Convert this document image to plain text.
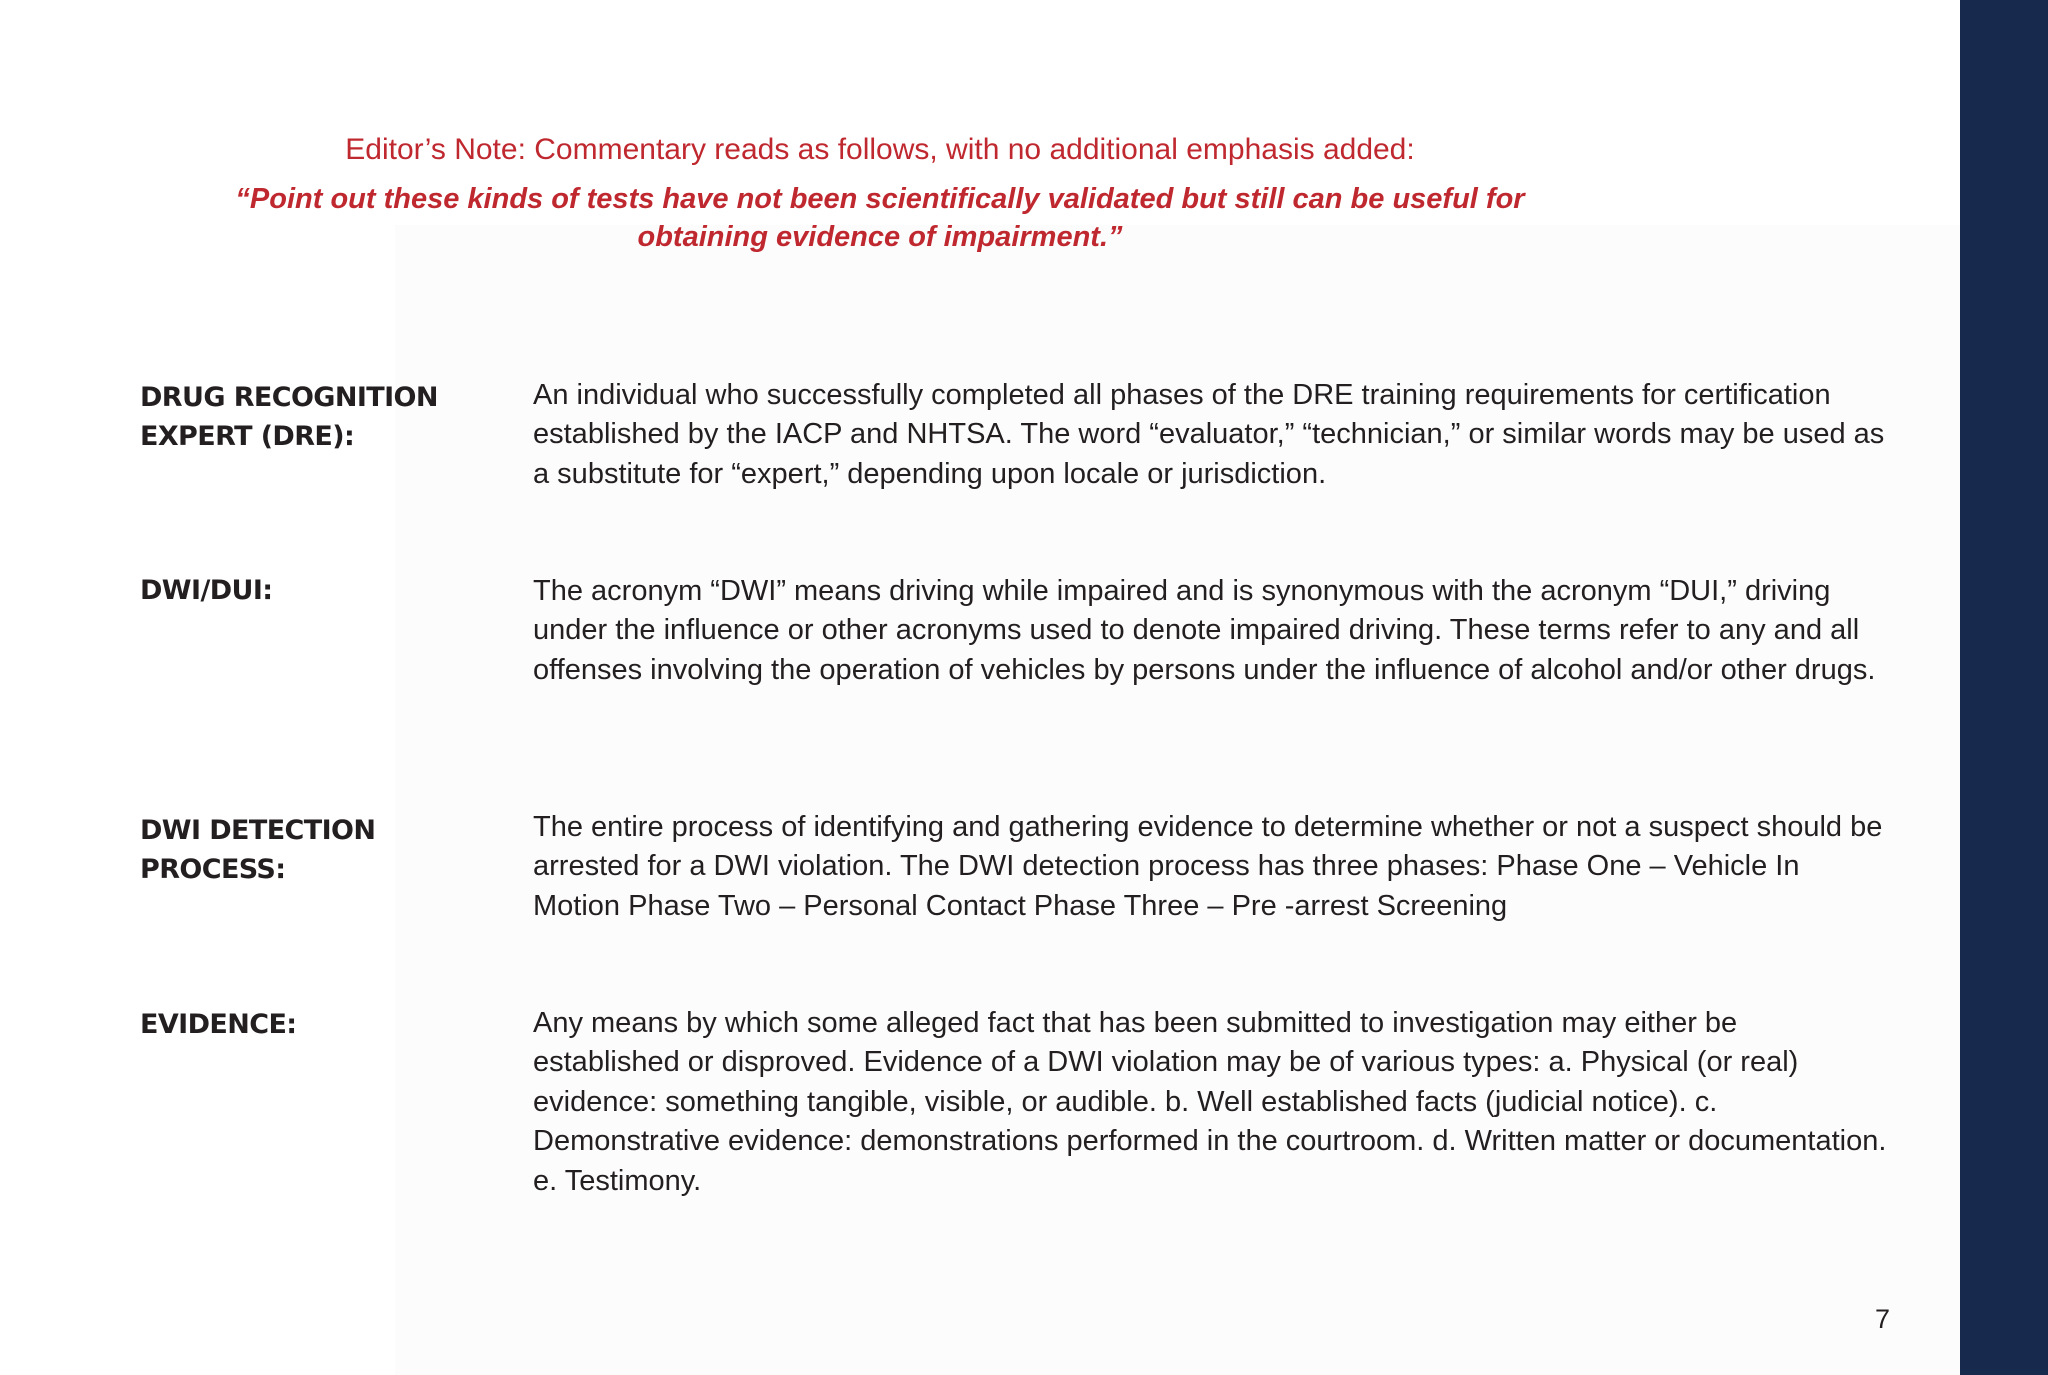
Editor’s Note: Commentary reads as follows, with no additional emphasis added:
“Point out these kinds of tests have not been scientifically validated but still can be useful for obtaining evidence of impairment.”
DRUG RECOGNITION EXPERT (DRE):
An individual who successfully completed all phases of the DRE training requirements for certification established by the IACP and NHTSA. The word “evaluator,” “technician,” or similar words may be used as a substitute for “expert,” depending upon locale or jurisdiction.
DWI/DUI:	The acronym “DWI” means driving while impaired and is synonymous with the acronym “DUI,” driving under the influence or other acronyms used to denote impaired driving. These terms refer to any and all offenses involving the operation of vehicles by persons under the influence of alcohol and/or other drugs.
DWI DETECTION PROCESS:
The entire process of identifying and gathering evidence to determine whether or not a suspect should be arrested for a DWI violation. The DWI detection process has three phases: Phase One – Vehicle In Motion Phase Two – Personal Contact Phase Three – Pre -arrest Screening
EVIDENCE:	Any means by which some alleged fact that has been submitted to investigation may either be established or disproved. Evidence of a DWI violation may be of various types: a. Physical (or real) evidence: something tangible, visible, or audible. b. Well established facts (judicial notice). c. Demonstrative evidence: demonstrations performed in the courtroom. d. Written matter or documentation. e. Testimony.
7
